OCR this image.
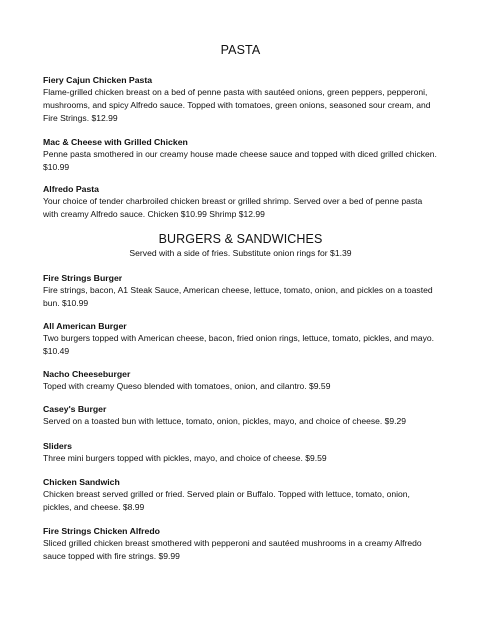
PASTA
Fiery Cajun Chicken Pasta
Flame-grilled chicken breast on a bed of penne pasta with sautéed onions, green peppers, pepperoni, mushrooms, and spicy Alfredo sauce. Topped with tomatoes, green onions, seasoned sour cream, and Fire Strings. $12.99
Mac & Cheese with Grilled Chicken
Penne pasta smothered in our creamy house made cheese sauce and topped with diced grilled chicken. $10.99
Alfredo Pasta
Your choice of tender charbroiled chicken breast or grilled shrimp. Served over a bed of penne pasta with creamy Alfredo sauce. Chicken $10.99 Shrimp $12.99
BURGERS & SANDWICHES
Served with a side of fries. Substitute onion rings for $1.39
Fire Strings Burger
Fire strings, bacon, A1 Steak Sauce, American cheese, lettuce, tomato, onion, and pickles on a toasted bun. $10.99
All American Burger
Two burgers topped with American cheese, bacon, fried onion rings, lettuce, tomato, pickles, and mayo. $10.49
Nacho Cheeseburger
Toped with creamy Queso blended with tomatoes, onion, and cilantro. $9.59
Casey's Burger
Served on a toasted bun with lettuce, tomato, onion, pickles, mayo, and choice of cheese. $9.29
Sliders
Three mini burgers topped with pickles, mayo, and choice of cheese. $9.59
Chicken Sandwich
Chicken breast served grilled or fried. Served plain or Buffalo. Topped with lettuce, tomato, onion, pickles, and cheese. $8.99
Fire Strings Chicken Alfredo
Sliced grilled chicken breast smothered with pepperoni and sautéed mushrooms in a creamy Alfredo sauce topped with fire strings. $9.99
